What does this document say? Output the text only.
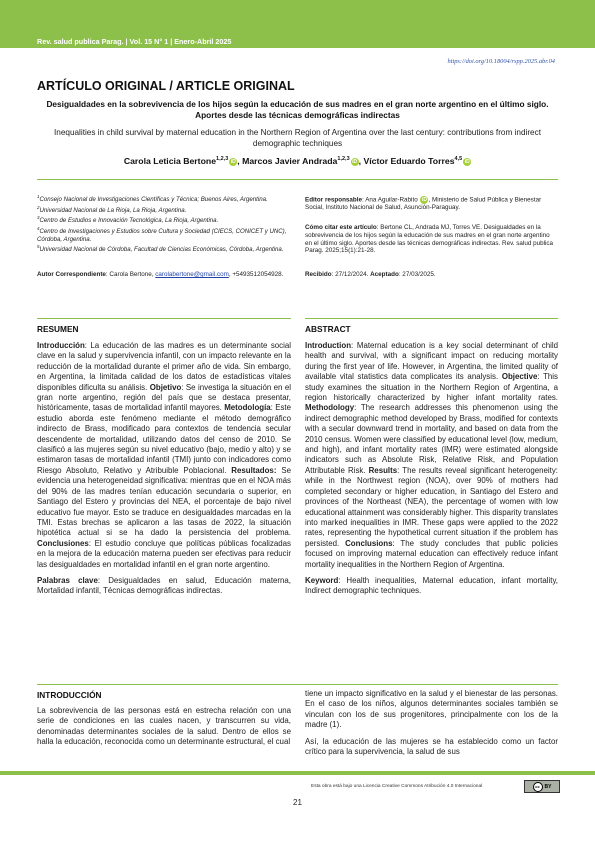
Rev. salud publica Parag. | Vol. 15 N° 1 | Enero-Abril 2025
https://doi.org/10.18004/rspp.2025.abr.04
ARTÍCULO ORIGINAL / ARTICLE ORIGINAL
Desigualdades en la sobrevivencia de los hijos según la educación de sus madres en el gran norte argentino en el último siglo. Aportes desde las técnicas demográficas indirectas
Inequalities in child survival by maternal education in the Northern Region of Argentina over the last century: contributions from indirect demographic techniques
Carola Leticia Bertone$^{1,2,3}$ iD , Marcos Javier Andrada$^{1,2,3}$ iD , Víctor Eduardo Torres$^{4,5}$ iD
$^1$Consejo Nacional de Investigaciones Científicas y Técnica; Buenos Aires, Argentina.
$^2$Universidad Nacional de La Rioja, La Rioja, Argentina.
$^3$Centro de Estudios e Innovación Tecnológica, La Rioja, Argentina.
$^4$Centro de Investigaciones y Estudios sobre Cultura y Sociedad (CIECS, CONICET y UNC), Córdoba, Argentina.
$^5$Universidad Nacional de Córdoba, Facultad de Ciencias Económicas, Córdoba, Argentina.
Autor Correspondiente: Carola Bertone, carolabertone@gmail.com, +5493512054928.
Editor responsable: Ana Aguilar-Rabito iD , Ministerio de Salud Pública y Bienestar Social, Instituto Nacional de Salud, Asunción-Paraguay.
Cómo citar este artículo: Bertone CL, Andrada MJ, Torres VE. Desigualdades en la sobrevivencia de los hijos según la educación de sus madres en el gran norte argentino en el último siglo. Aportes desde las técnicas demográficas indirectas. Rev. salud publica Parag. 2025;15(1):21-28.
Recibido: 27/12/2024. Aceptado: 27/03/2025.
RESUMEN

Introducción: La educación de las madres es un determinante social clave en la salud y supervivencia infantil, con un impacto relevante en la reducción de la mortalidad durante el primer año de vida. Sin embargo, en Argentina, la limitada calidad de los datos de estadísticas vitales disponibles dificulta su análisis. Objetivo: Se investiga la situación en el gran norte argentino, región del país que se destaca presentar, históricamente, tasas de mortalidad infantil mayores. Metodología: Este estudio aborda este fenómeno mediante el método demográfico indirecto de Brass, modificado para contextos de tendencia secular descendente de mortalidad, utilizando datos del censo de 2010. Se clasificó a las mujeres según su nivel educativo (bajo, medio y alto) y se estimaron tasas de mortalidad infantil (TMI) junto con indicadores como Riesgo Absoluto, Relativo y Atribuible Poblacional. Resultados: Se evidencia una heterogeneidad significativa: mientras que en el NOA más del 90% de las madres tenían educación secundaria o superior, en Santiago del Estero y provincias del NEA, el porcentaje de bajo nivel educativo fue mayor. Esto se traduce en desigualdades marcadas en la TMI. Estas brechas se aplicaron a las tasas de 2022, la situación hipotética actual si se ha dado la persistencia del problema. Conclusiones: El estudio concluye que políticas públicas focalizadas en la mejora de la educación materna pueden ser efectivas para reducir las desigualdades en mortalidad infantil en el gran norte argentino.

Palabras clave: Desigualdades en salud, Educación materna, Mortalidad infantil, Técnicas demográficas indirectas.

ABSTRACT

Introduction: Maternal education is a key social determinant of child health and survival, with a significant impact on reducing mortality during the first year of life. However, in Argentina, the limited quality of available vital statistics data complicates its analysis. Objective: This study examines the situation in the Northern Region of Argentina, a region historically characterized by higher infant mortality rates. Methodology: The research addresses this phenomenon using the indirect demographic method developed by Brass, modified for contexts with a secular downward trend in mortality, and based on data from the 2010 census. Women were classified by educational level (low, medium, and high), and infant mortality rates (IMR) were estimated alongside indicators such as Absolute Risk, Relative Risk, and Population Attributable Risk. Results: The results reveal significant heterogeneity: while in the Northwest region (NOA), over 90% of mothers had completed secondary or higher education, in Santiago del Estero and provinces of the Northeast (NEA), the percentage of women with low educational attainment was considerably higher. This disparity translates into marked inequalities in IMR. These gaps were applied to the 2022 rates, representing the hypothetical current situation if the problem has persisted. Conclusions: The study concludes that public policies focused on improving maternal education can effectively reduce infant mortality inequalities in the Northern Region of Argentina.

Keyword: Health inequalities, Maternal education, infant mortality, Indirect demographic techniques.

INTRODUCCIÓN

La sobrevivencia de las personas está en estrecha relación con una serie de condiciones en las cuales nacen, y transcurren su vida, denominadas determinantes sociales de la salud. Dentro de ellos se halla la educación, reconocida como un determinante estructural, el cual

tiene un impacto significativo en la salud y el bienestar de las personas. En el caso de los niños, algunos determinantes sociales también se vinculan con los de sus progenitores, principalmente con los de la madre (1).

Así, la educación de las mujeres se ha establecido como un factor crítico para la supervivencia, la salud de sus

Esta obra está bajo una Licencia Creative Commons Atribución 4.0 Internacional	cc BY
21
